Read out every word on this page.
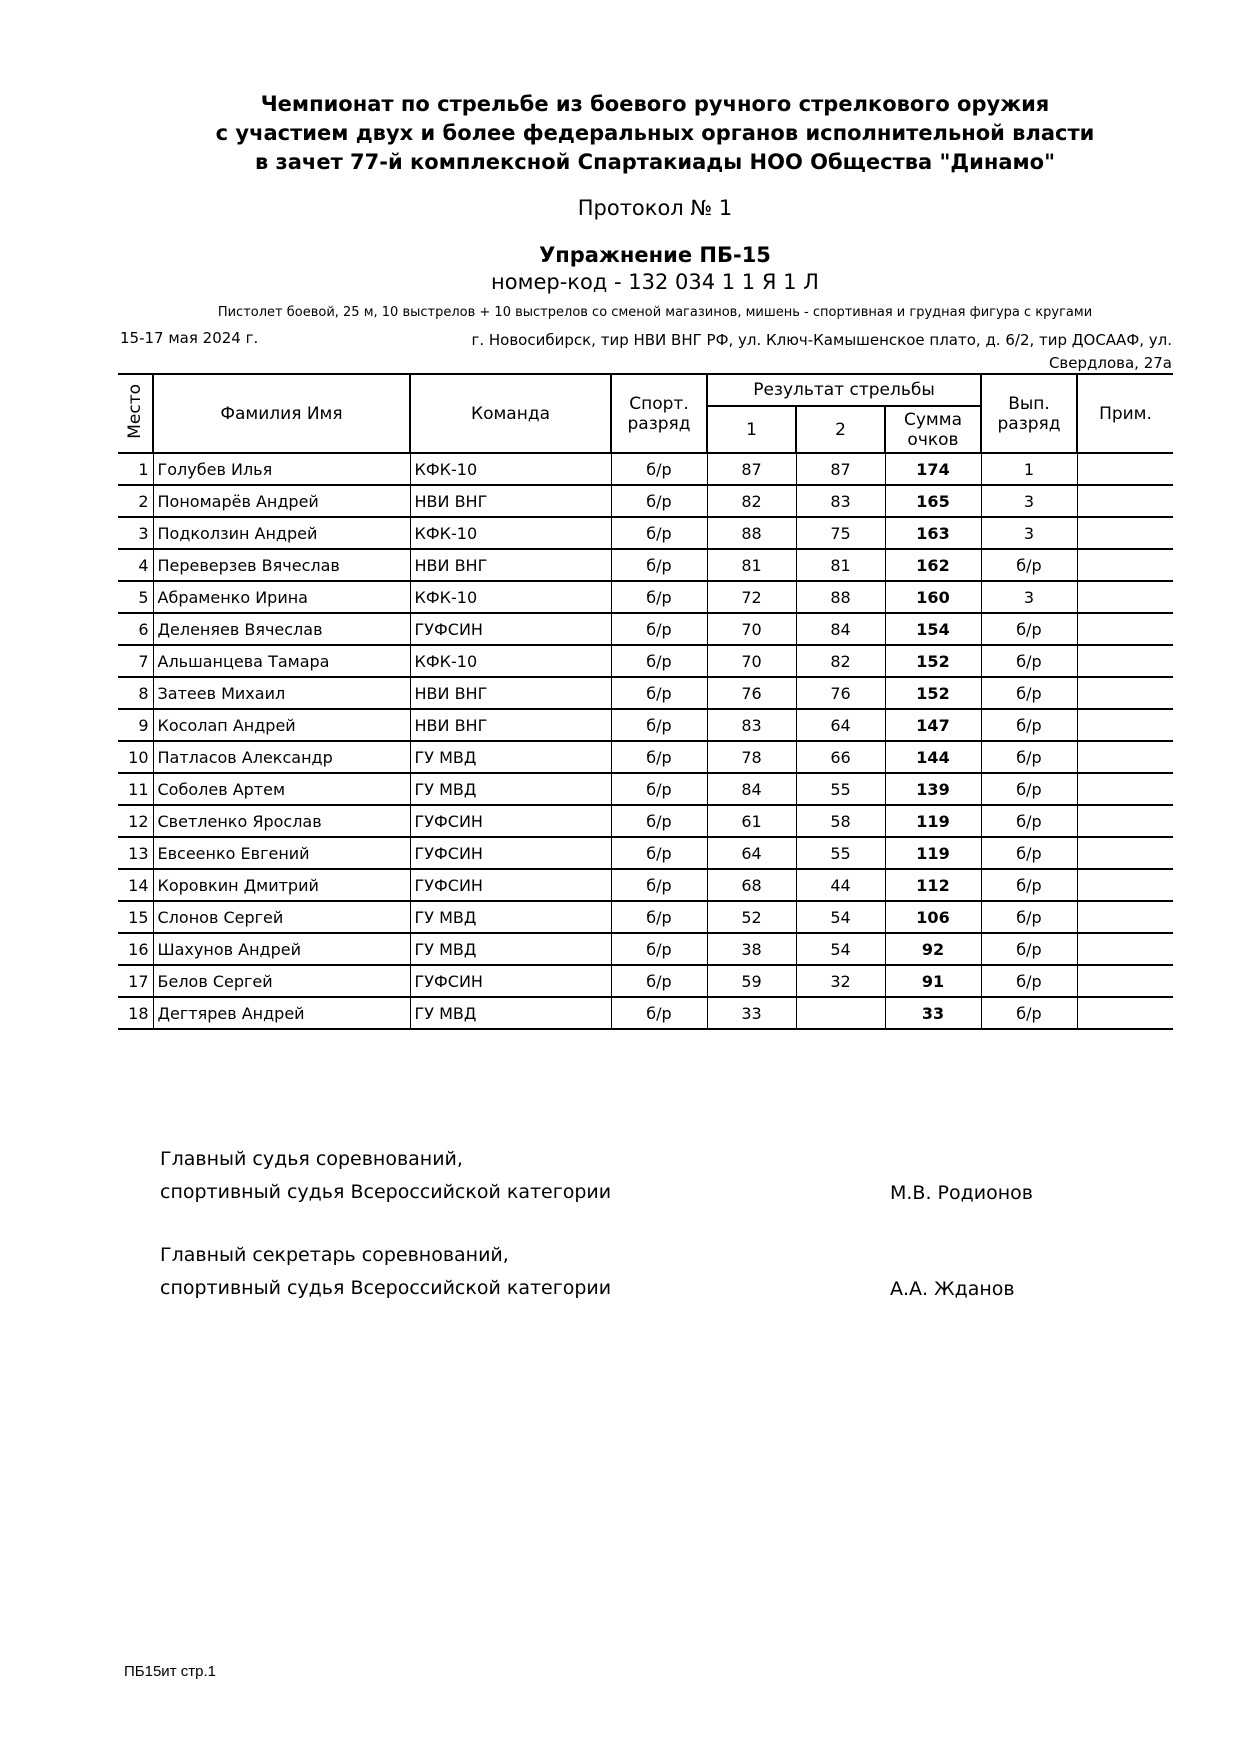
Чемпионат по стрельбе из боевого ручного стрелкового оружия
с участием двух и более федеральных органов исполнительной власти
в зачет 77-й комплексной Спартакиады НОО Общества "Динамо"
Протокол № 1
Упражнение ПБ-15
номер-код - 132 034 1 1 Я 1 Л
Пистолет боевой, 25 м, 10 выстрелов + 10 выстрелов со сменой магазинов, мишень - спортивная и грудная фигура с кругами
15-17 мая 2024 г.	г. Новосибирск, тир НВИ ВНГ РФ, ул. Ключ-Камышенское плато, д. 6/2, тир ДОСААФ, ул.
Свердлова, 27а
Место	Фамилия Имя	Команда	Спорт. разряд	Результат стрельбы			Вып. разряд	Прим.
				1	2	Сумма очков		
1	Голубев Илья	КФК-10	б/р	87	87	174	1	
2	Пономарёв Андрей	НВИ ВНГ	б/р	82	83	165	3	
3	Подколзин Андрей	КФК-10	б/р	88	75	163	3	
4	Переверзев Вячеслав	НВИ ВНГ	б/р	81	81	162	б/р	
5	Абраменко Ирина	КФК-10	б/р	72	88	160	3	
6	Деленяев Вячеслав	ГУФСИН	б/р	70	84	154	б/р	
7	Альшанцева Тамара	КФК-10	б/р	70	82	152	б/р	
8	Затеев Михаил	НВИ ВНГ	б/р	76	76	152	б/р	
9	Косолап Андрей	НВИ ВНГ	б/р	83	64	147	б/р	
10	Патласов Александр	ГУ МВД	б/р	78	66	144	б/р	
11	Соболев Артем	ГУ МВД	б/р	84	55	139	б/р	
12	Светленко Ярослав	ГУФСИН	б/р	61	58	119	б/р	
13	Евсеенко Евгений	ГУФСИН	б/р	64	55	119	б/р	
14	Коровкин Дмитрий	ГУФСИН	б/р	68	44	112	б/р	
15	Слонов Сергей	ГУ МВД	б/р	52	54	106	б/р	
16	Шахунов Андрей	ГУ МВД	б/р	38	54	92	б/р	
17	Белов Сергей	ГУФСИН	б/р	59	32	91	б/р	
18	Дегтярев Андрей	ГУ МВД	б/р	33		33	б/р	
Главный судья соревнований,
спортивный судья Всероссийской категории	М.В. Родионов
Главный секретарь соревнований,
спортивный судья Всероссийской категории	А.А. Жданов
ПБ15ит стр.1
